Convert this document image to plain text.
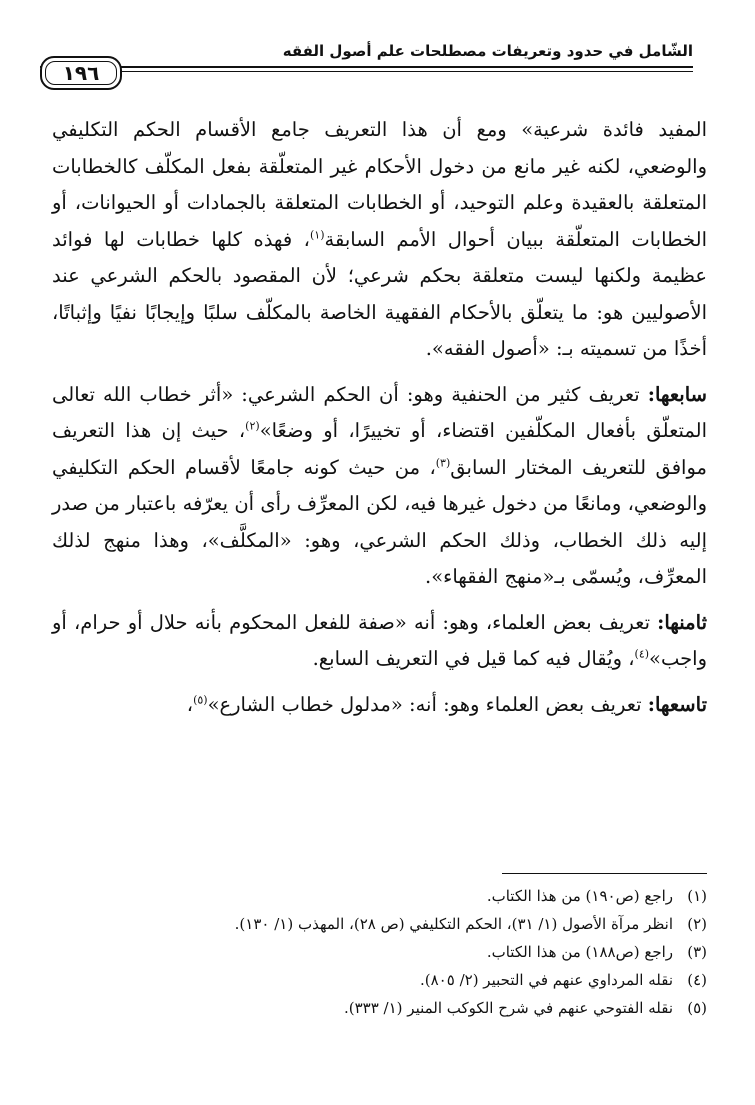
الشّامل في حدود وتعريفات مصطلحات علم أصول الفقه
١٩٦

المفيد فائدة شرعية» ومع أن هذا التعريف جامع الأقسام الحكم التكليفي والوضعي، لكنه غير مانع من دخول الأحكام غير المتعلّقة بفعل المكلّف كالخطابات المتعلقة بالعقيدة وعلم التوحيد، أو الخطابات المتعلقة بالجمادات أو الحيوانات، أو الخطابات المتعلّقة ببيان أحوال الأمم السابقة$^{(١)}$، فهذه كلها خطابات لها فوائد عظيمة ولكنها ليست متعلقة بحكم شرعي؛ لأن المقصود بالحكم الشرعي عند الأصوليين هو: ما يتعلّق بالأحكام الفقهية الخاصة بالمكلّف سلبًا وإيجابًا نفيًا وإثباتًا، أخذًا من تسميته بـ: «أصول الفقه».

سابعها: تعريف كثير من الحنفية وهو: أن الحكم الشرعي: «أثر خطاب الله تعالى المتعلّق بأفعال المكلّفين اقتضاء، أو تخييرًا، أو وضعًا»$^{(٢)}$، حيث إن هذا التعريف موافق للتعريف المختار السابق$^{(٣)}$، من حيث كونه جامعًا لأقسام الحكم التكليفي والوضعي، ومانعًا من دخول غيرها فيه، لكن المعرِّف رأى أن يعرّفه باعتبار من صدر إليه ذلك الخطاب، وذلك الحكم الشرعي، وهو: «المكلَّف»، وهذا منهج لذلك المعرِّف، ويُسمّى بـ«منهج الفقهاء».

ثامنها: تعريف بعض العلماء، وهو: أنه «صفة للفعل المحكوم بأنه حلال أو حرام، أو واجب»$^{(٤)}$، ويُقال فيه كما قيل في التعريف السابع.

تاسعها: تعريف بعض العلماء وهو: أنه: «مدلول خطاب الشارع»$^{(٥)}$،

(١)
راجع (ص١٩٠) من هذا الكتاب.
(٢)
انظر مرآة الأصول (١/ ٣١)، الحكم التكليفي (ص ٢٨)، المهذب (١/ ١٣٠).
(٣)
راجع (ص١٨٨) من هذا الكتاب.
(٤)
نقله المرداوي عنهم في التحبير (٢/ ٨٠٥).
(٥)
نقله الفتوحي عنهم في شرح الكوكب المنير (١/ ٣٣٣).
